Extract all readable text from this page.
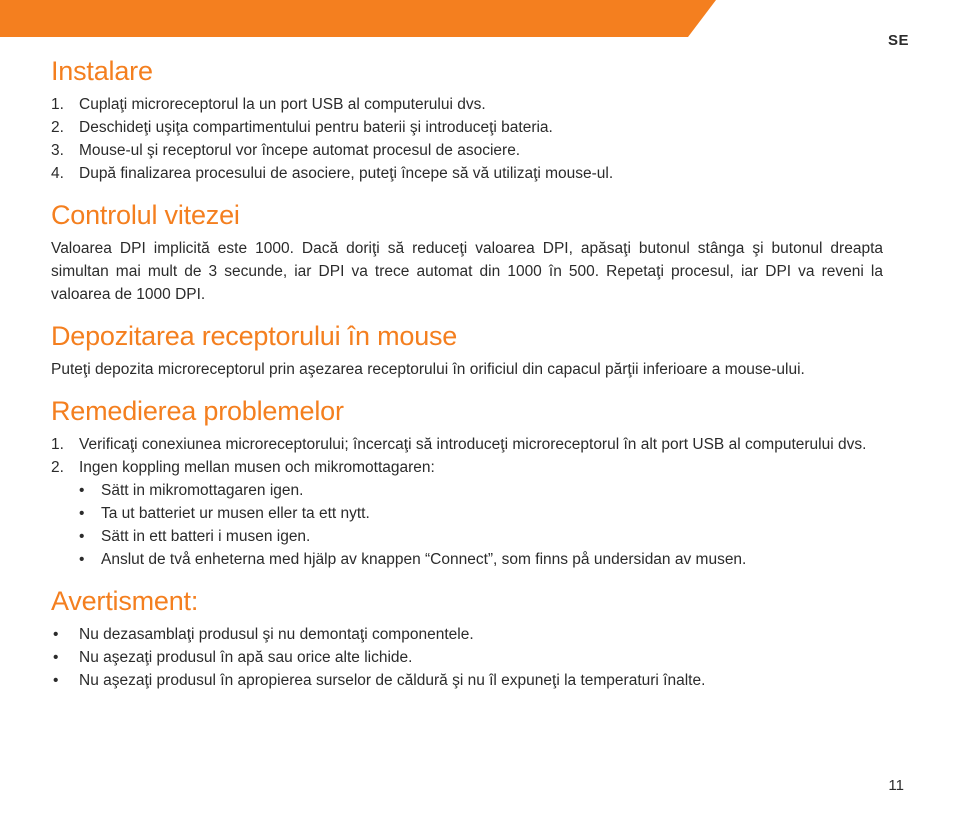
SE
Instalare
1. Cuplaţi microreceptorul la un port USB al computerului dvs.
2. Deschideţi uşiţa compartimentului pentru baterii şi introduceţi bateria.
3. Mouse-ul şi receptorul vor începe automat procesul de asociere.
4. După finalizarea procesului de asociere, puteţi începe să vă utilizaţi mouse-ul.
Controlul vitezei

Valoarea DPI implicită este 1000. Dacă doriţi să reduceţi valoarea DPI, apăsaţi butonul stânga şi butonul dreapta simultan mai mult de 3 secunde, iar DPI va trece automat din 1000 în 500. Repetaţi procesul, iar DPI va reveni la valoarea de 1000 DPI.

Depozitarea receptorului în mouse

Puteţi depozita microreceptorul prin aşezarea receptorului în orificiul din capacul părţii inferioare a mouse-ului.

Remedierea problemelor
1. Verificaţi conexiunea microreceptorului; încercaţi să introduceţi microreceptorul în alt port USB al computerului dvs.
2. Ingen koppling mellan musen och mikromottagaren:
• Sätt in mikromottagaren igen.
• Ta ut batteriet ur musen eller ta ett nytt.
• Sätt in ett batteri i musen igen.
• Anslut de två enheterna med hjälp av knappen “Connect”, som finns på undersidan av musen.
Avertisment:
• Nu dezasamblaţi produsul şi nu demontaţi componentele.
• Nu aşezaţi produsul în apă sau orice alte lichide.
• Nu aşezaţi produsul în apropierea surselor de căldură şi nu îl expuneţi la temperaturi înalte.
11
